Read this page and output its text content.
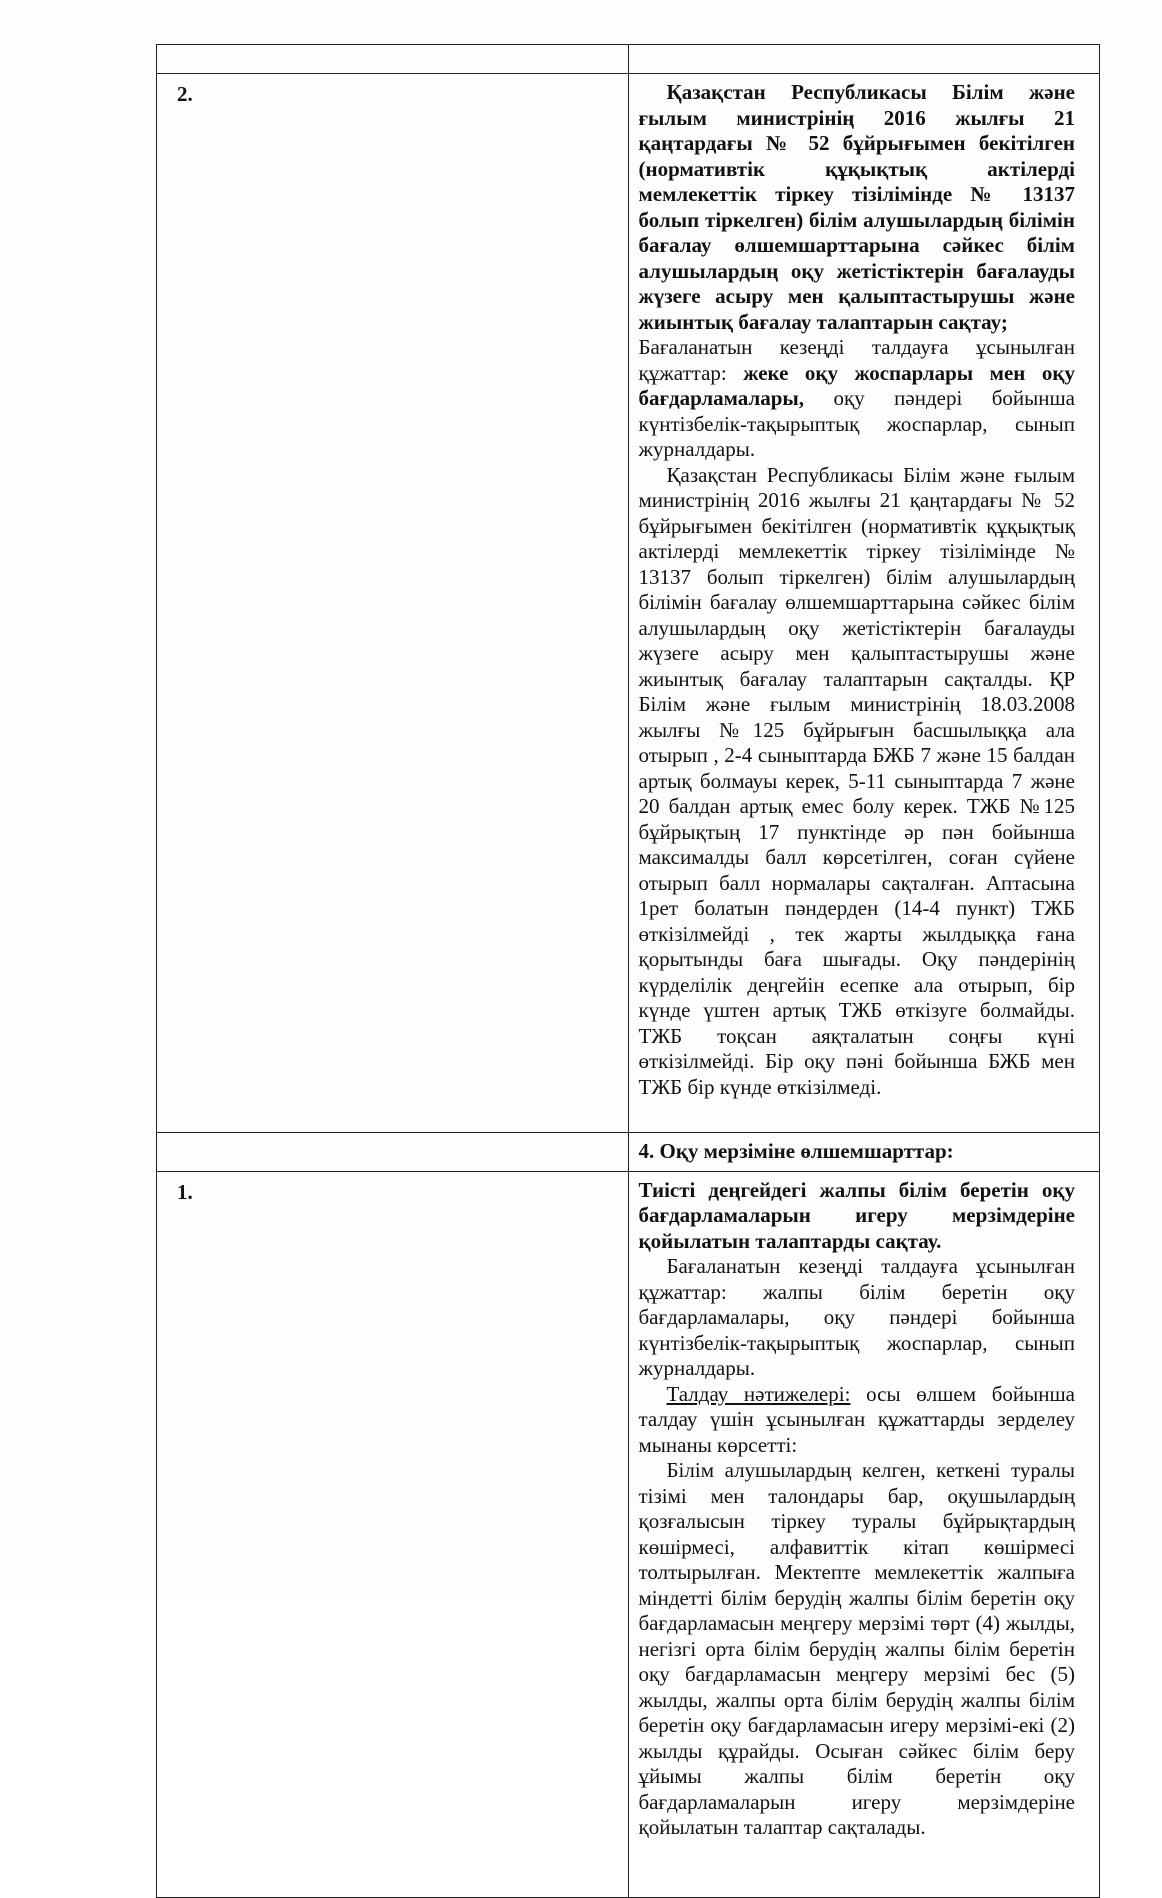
2.	Қазақстан Республикасы Білім және ғылым министрінің 2016 жылғы 21 қаңтардағы № 52 бұйрығымен бекітілген (нормативтік құқықтық актілерді мемлекеттік тіркеу тізілімінде № 13137 болып тіркелген) білім алушылардың білімін бағалау өлшемшарттарына сәйкес білім алушылардың оқу жетістіктерін бағалауды жүзеге асыру мен қалыптастырушы және жиынтық бағалау талаптарын сақтау;

Бағаланатын кезеңді талдауға ұсынылған құжаттар: жеке оқу жоспарлары мен оқу бағдарламалары, оқу пәндері бойынша күнтізбелік-тақырыптық жоспарлар, сынып журналдары.

Қазақстан Республикасы Білім және ғылым министрінің 2016 жылғы 21 қаңтардағы № 52 бұйрығымен бекітілген (нормативтік құқықтық актілерді мемлекеттік тіркеу тізілімінде № 13137 болып тіркелген) білім алушылардың білімін бағалау өлшемшарттарына сәйкес білім алушылардың оқу жетістіктерін бағалауды жүзеге асыру мен қалыптастырушы және жиынтық бағалау талаптарын сақталды. ҚР Білім және ғылым министрінің 18.03.2008 жылғы №125 бұйрығын басшылыққа ала отырып , 2-4 сыныптарда БЖБ 7 және 15 балдан артық болмауы керек, 5-11 сыныптарда 7 және 20 балдан артық емес болу керек. ТЖБ №125 бұйрықтың 17 пунктінде әр пән бойынша максималды балл көрсетілген, соған сүйене отырып балл нормалары сақталған. Аптасына 1рет болатын пәндерден (14-4 пункт) ТЖБ өткізілмейді , тек жарты жылдыққа ғана қорытынды баға шығады. Оқу пәндерінің күрделілік деңгейін есепке ала отырып, бір күнде үштен артық ТЖБ өткізуге болмайды. ТЖБ тоқсан аяқталатын соңғы күні өткізілмейді. Бір оқу пәні бойынша БЖБ мен ТЖБ бір күнде өткізілмеді.

	4. Оқу мерзіміне өлшемшарттар:

1.	Тиісті деңгейдегі жалпы білім беретін оқу бағдарламаларын игеру мерзімдеріне қойылатын талаптарды сақтау.

Бағаланатын кезеңді талдауға ұсынылған құжаттар: жалпы білім беретін оқу бағдарламалары, оқу пәндері бойынша күнтізбелік-тақырыптық жоспарлар, сынып журналдары.

Талдау нәтижелері: осы өлшем бойынша талдау үшін ұсынылған құжаттарды зерделеу мынаны көрсетті:

Білім алушылардың келген, кеткені туралы тізімі мен талондары бар, оқушылардың қозғалысын тіркеу туралы бұйрықтардың көшірмесі, алфавиттік кітап көшірмесі толтырылған. Мектепте мемлекеттік жалпыға міндетті білім берудің жалпы білім беретін оқу бағдарламасын меңгеру мерзімі төрт (4) жылды, негізгі орта білім берудің жалпы білім беретін оқу бағдарламасын меңгеру мерзімі бес (5) жылды, жалпы орта білім берудің жалпы білім беретін оқу бағдарламасын игеру мерзімі-екі (2) жылды құрайды. Осыған сәйкес білім беру ұйымы жалпы білім беретін оқу бағдарламаларын игеру мерзімдеріне қойылатын талаптар сақталады.
